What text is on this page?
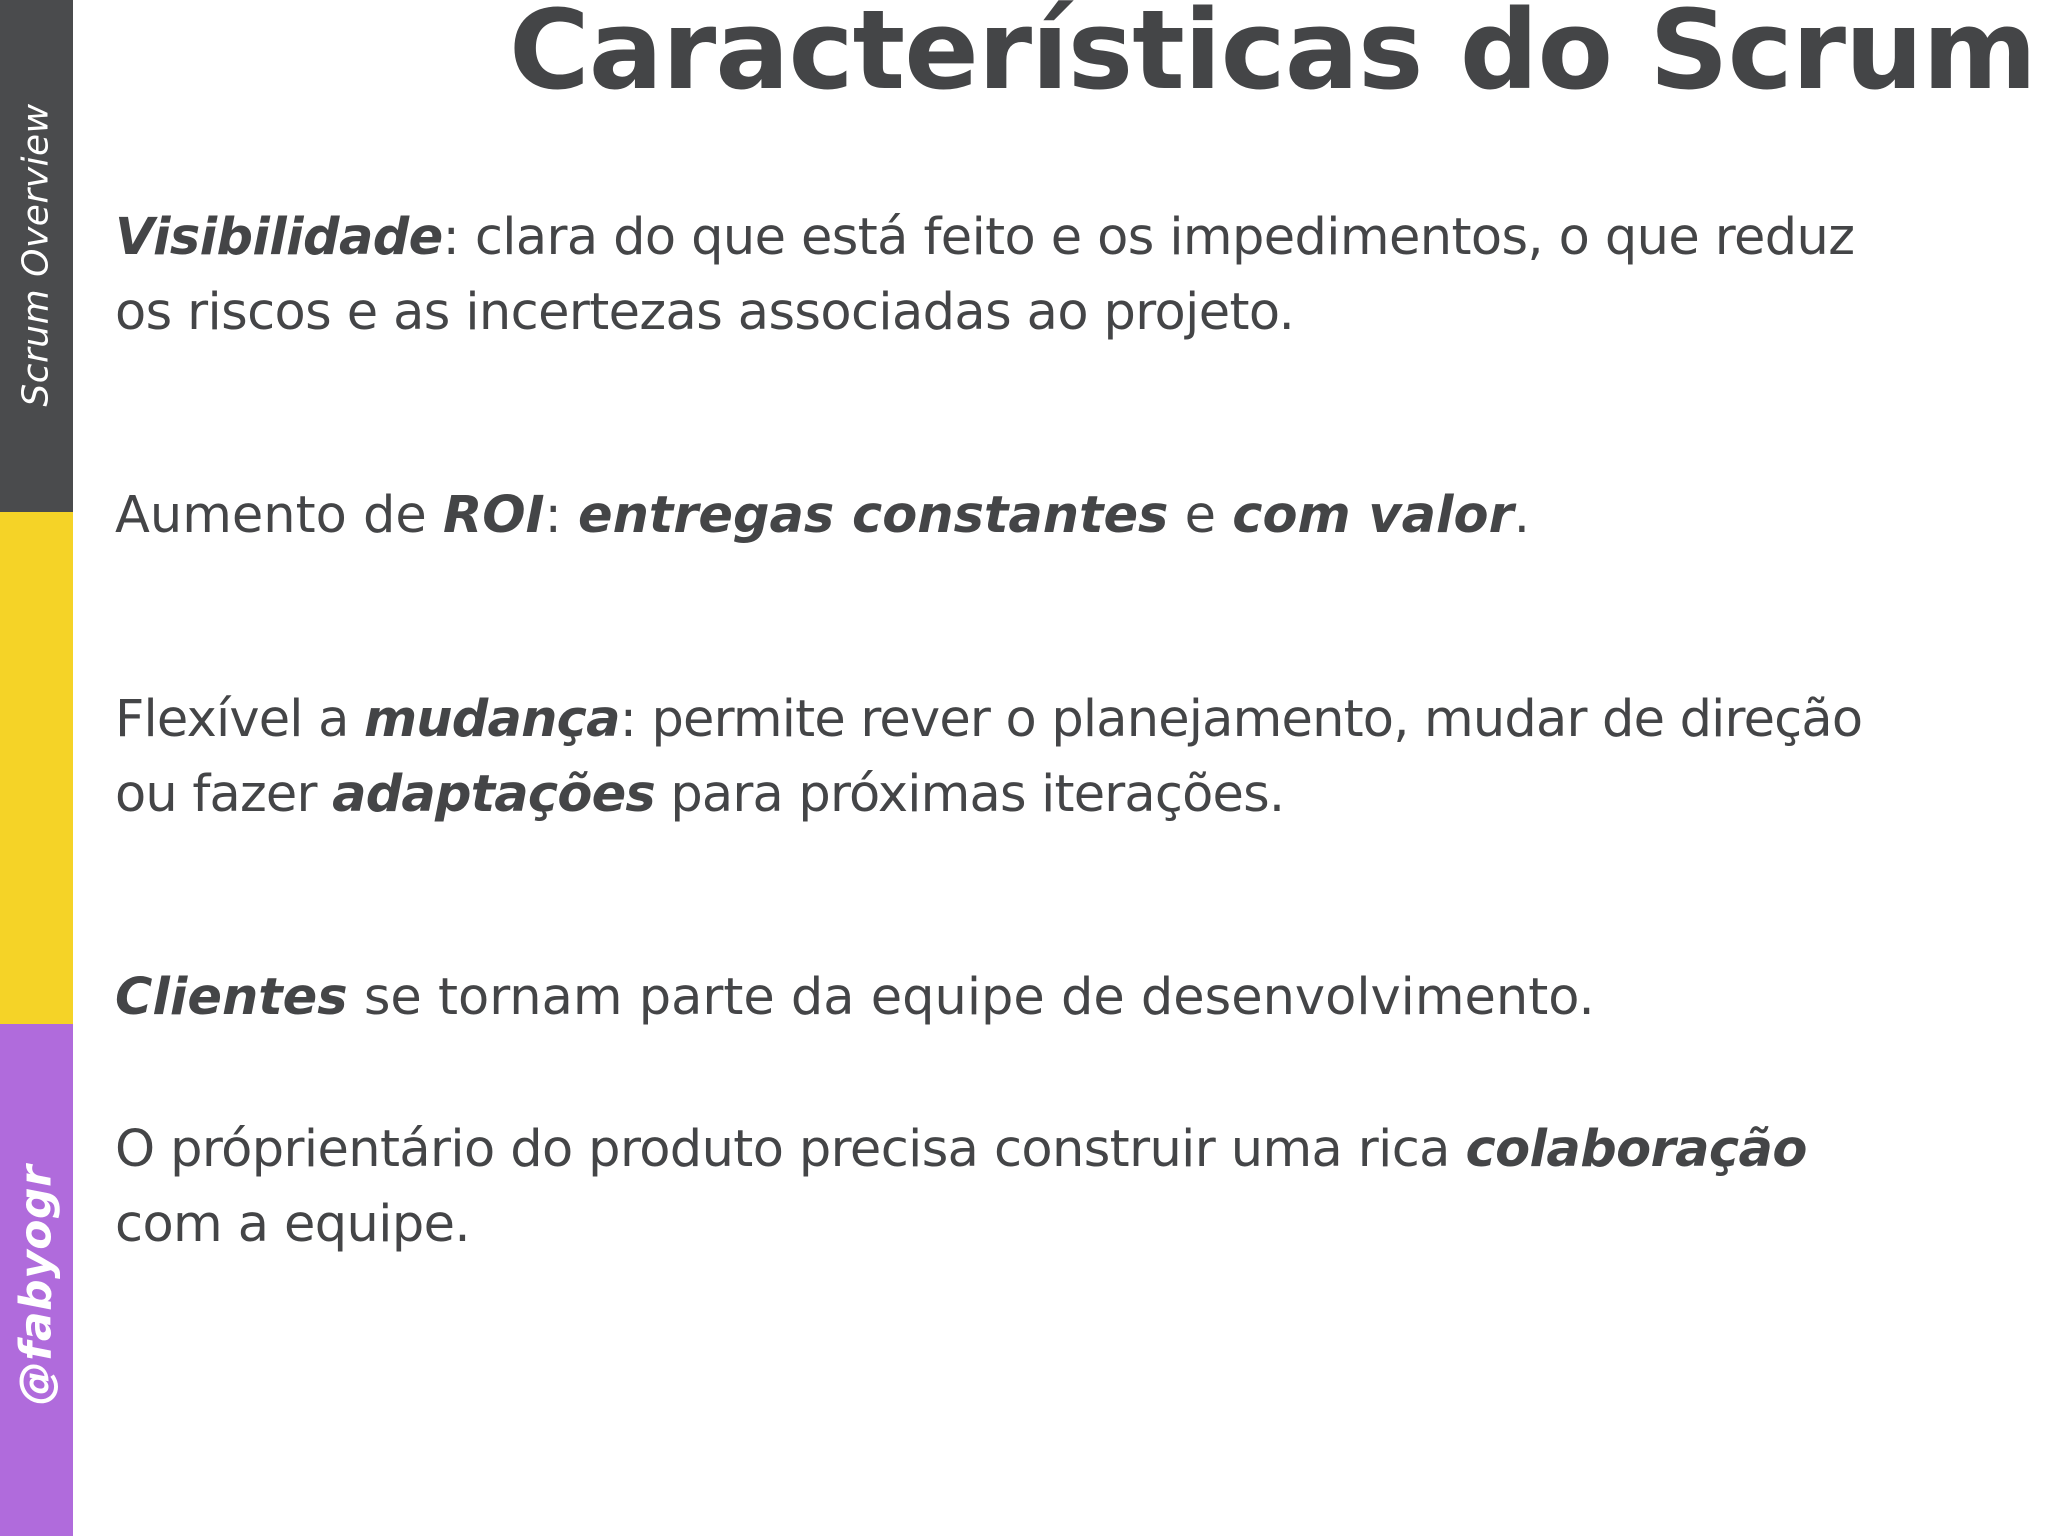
Scrum Overview
@fabyogr
Características do Scrum

Visibilidade: clara do que está feito e os impedimentos, o que reduz

os riscos e as incertezas associadas ao projeto.

Aumento de ROI: entregas constantes e com valor.

Flexível a mudança: permite rever o planejamento, mudar de direção

ou fazer adaptações para próximas iterações.

Clientes se tornam parte da equipe de desenvolvimento.

O próprientário do produto precisa construir uma rica colaboração

com a equipe.
